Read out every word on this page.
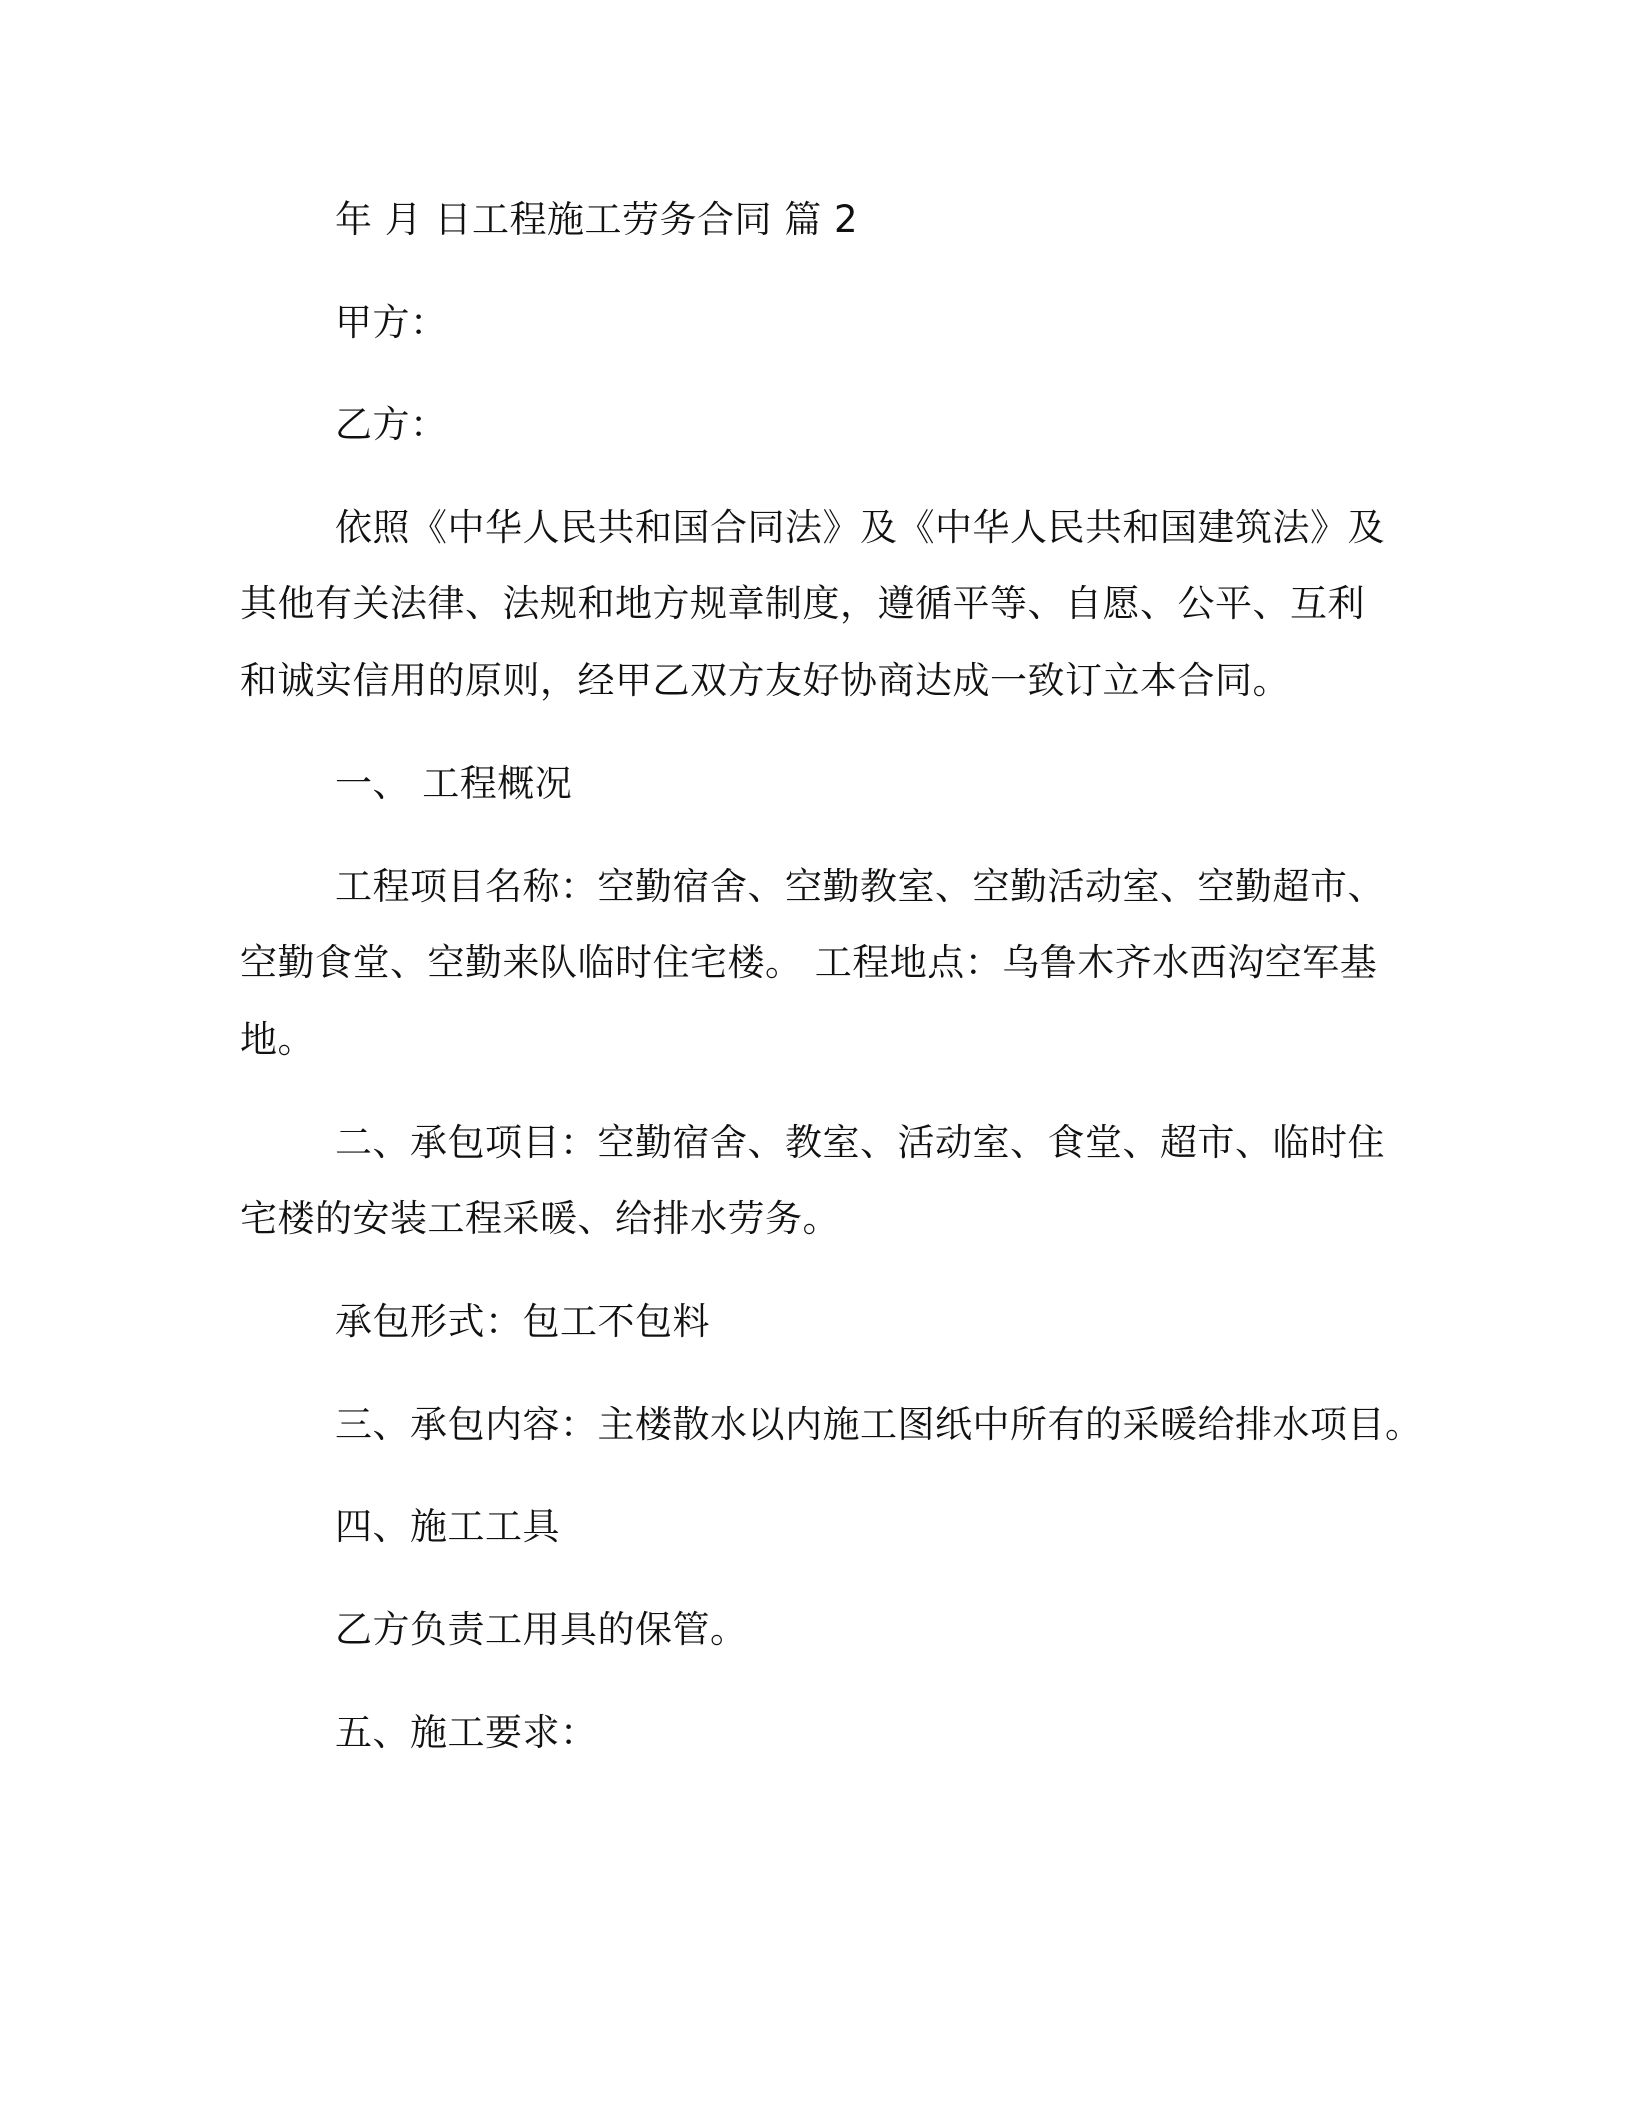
年 月 日工程施工劳务合同 篇 2
甲方：
乙方：
依照《中华人民共和国合同法》及《中华人民共和国建筑法》及
其他有关法律、法规和地方规章制度，遵循平等、自愿、公平、互利
和诚实信用的原则，经甲乙双方友好协商达成一致订立本合同。
一、 工程概况
工程项目名称：空勤宿舍、空勤教室、空勤活动室、空勤超市、
空勤食堂、空勤来队临时住宅楼。 工程地点：乌鲁木齐水西沟空军基
地。
二、承包项目：空勤宿舍、教室、活动室、食堂、超市、临时住
宅楼的安装工程采暖、给排水劳务。
承包形式：包工不包料
三、承包内容：主楼散水以内施工图纸中所有的采暖给排水项目。
四、施工工具
乙方负责工用具的保管。
五、施工要求：
